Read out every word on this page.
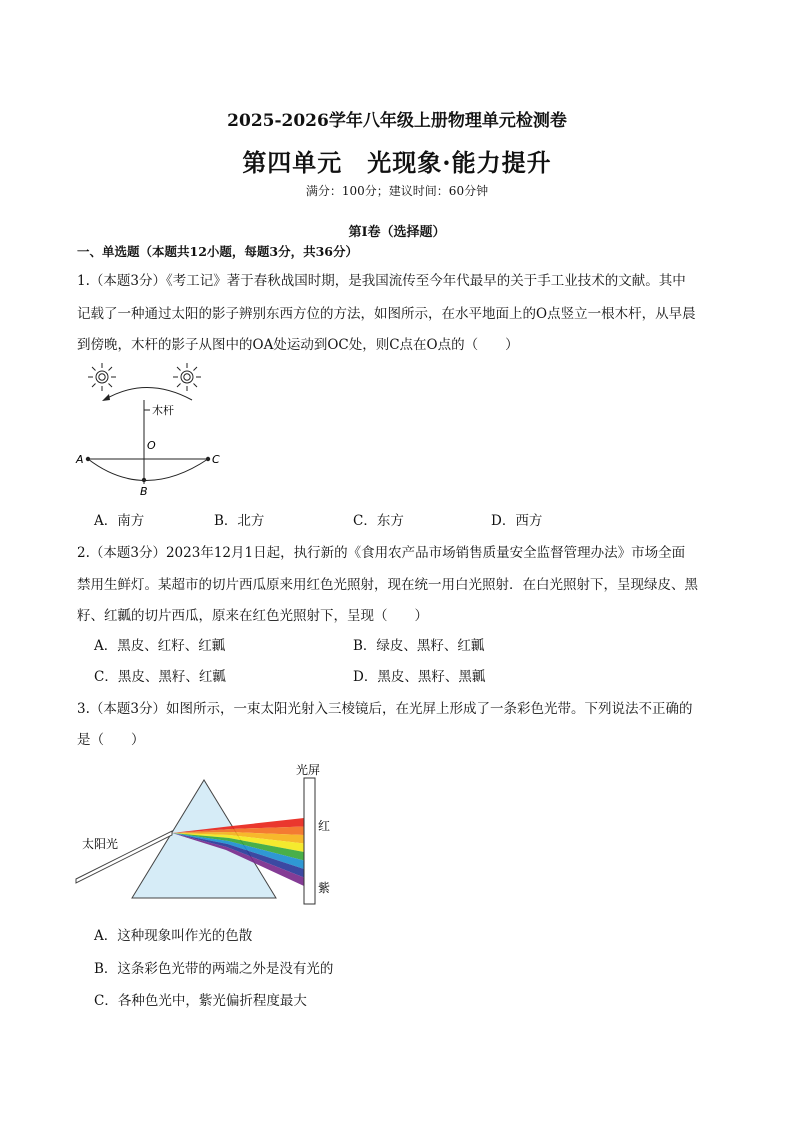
2025-2026学年八年级上册物理单元检测卷
第四单元　光现象·能力提升
满分：100分；建议时间：60分钟
第Ⅰ卷（选择题）
一、单选题（本题共12小题，每题3分，共36分）
1.（本题3分）《考工记》著于春秋战国时期，是我国流传至今年代最早的关于手工业技术的文献。其中
记载了一种通过太阳的影子辨别东西方位的方法，如图所示，在水平地面上的O点竖立一根木杆，从早晨
到傍晚，木杆的影子从图中的OA处运动到OC处，则C点在O点的（　　）
木杆
A
O
C
B
A．南方	B．北方	C．东方	D．西方
2.（本题3分）2023年12月1日起，执行新的《食用农产品市场销售质量安全监督管理办法》市场全面
禁用生鲜灯。某超市的切片西瓜原来用红色光照射，现在统一用白光照射．在白光照射下，呈现绿皮、黑
籽、红瓤的切片西瓜，原来在红色光照射下，呈现（　　）
A．黑皮、红籽、红瓤	B．绿皮、黑籽、红瓤
C．黑皮、黑籽、红瓤	D．黑皮、黑籽、黑瓤
3.（本题3分）如图所示，一束太阳光射入三棱镜后，在光屏上形成了一条彩色光带。下列说法不正确的
是（　　）
太阳光
光屏
红
紫
A．这种现象叫作光的色散
B．这条彩色光带的两端之外是没有光的
C．各种色光中，紫光偏折程度最大
